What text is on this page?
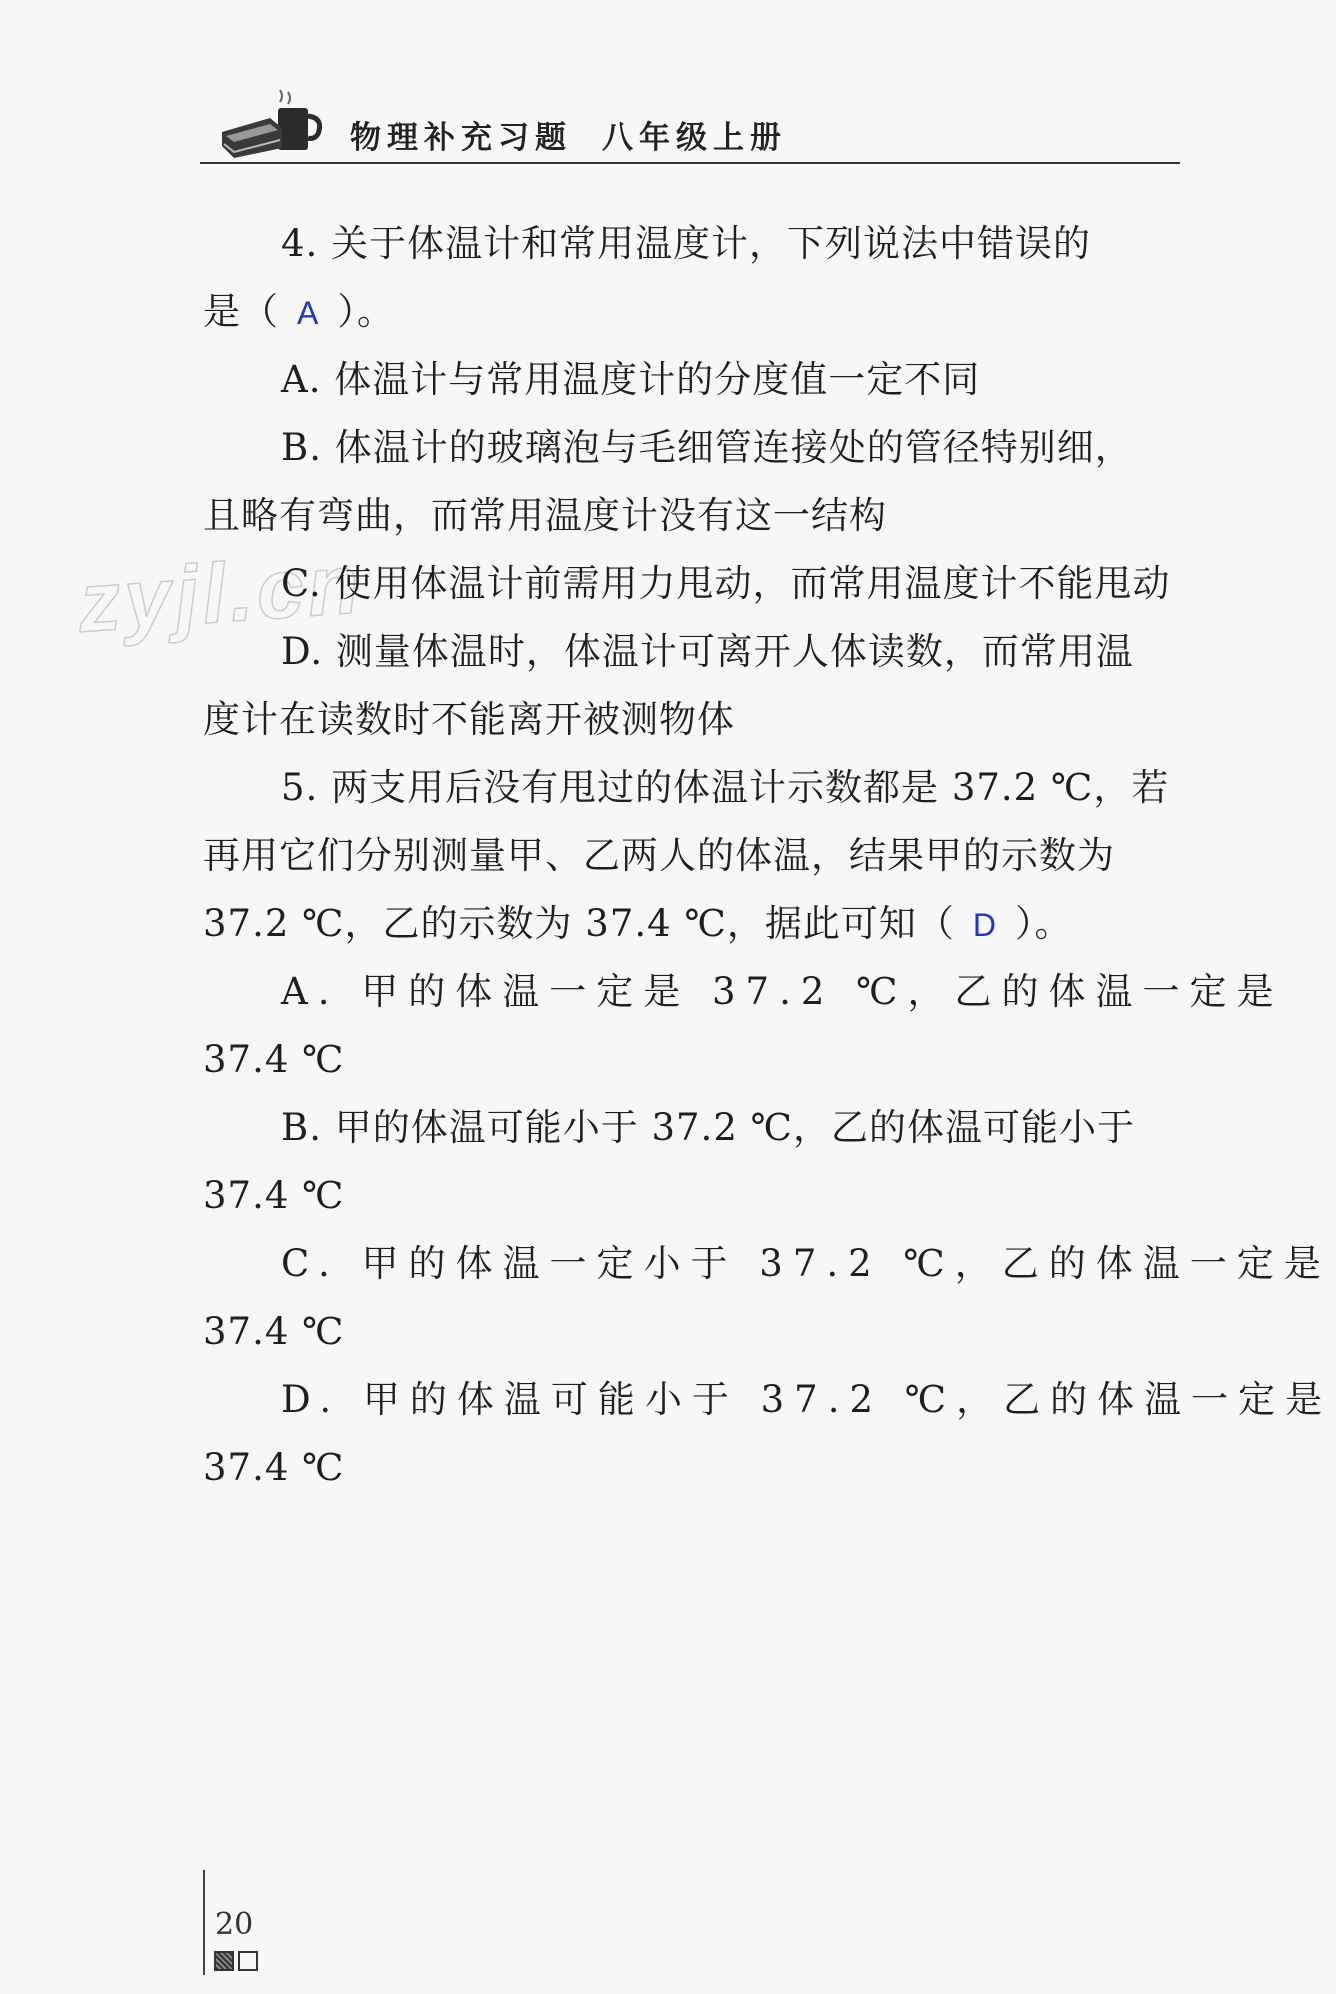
物理补充习题 八年级上册
zyjl.cn
4. 关于体温计和常用温度计，下列说法中错误的
是（ A ）。
A. 体温计与常用温度计的分度值一定不同
B. 体温计的玻璃泡与毛细管连接处的管径特别细，
且略有弯曲，而常用温度计没有这一结构
C. 使用体温计前需用力甩动，而常用温度计不能甩动
D. 测量体温时，体温计可离开人体读数，而常用温
度计在读数时不能离开被测物体
5. 两支用后没有甩过的体温计示数都是 37.2 ℃，若
再用它们分别测量甲、乙两人的体温，结果甲的示数为
37.2 ℃，乙的示数为 37.4 ℃，据此可知（ D ）。
A. 甲的体温一定是 37.2 ℃，乙的体温一定是
37.4 ℃
B. 甲的体温可能小于 37.2 ℃，乙的体温可能小于
37.4 ℃
C. 甲的体温一定小于 37.2 ℃，乙的体温一定是
37.4 ℃
D. 甲的体温可能小于 37.2 ℃，乙的体温一定是
37.4 ℃
20
